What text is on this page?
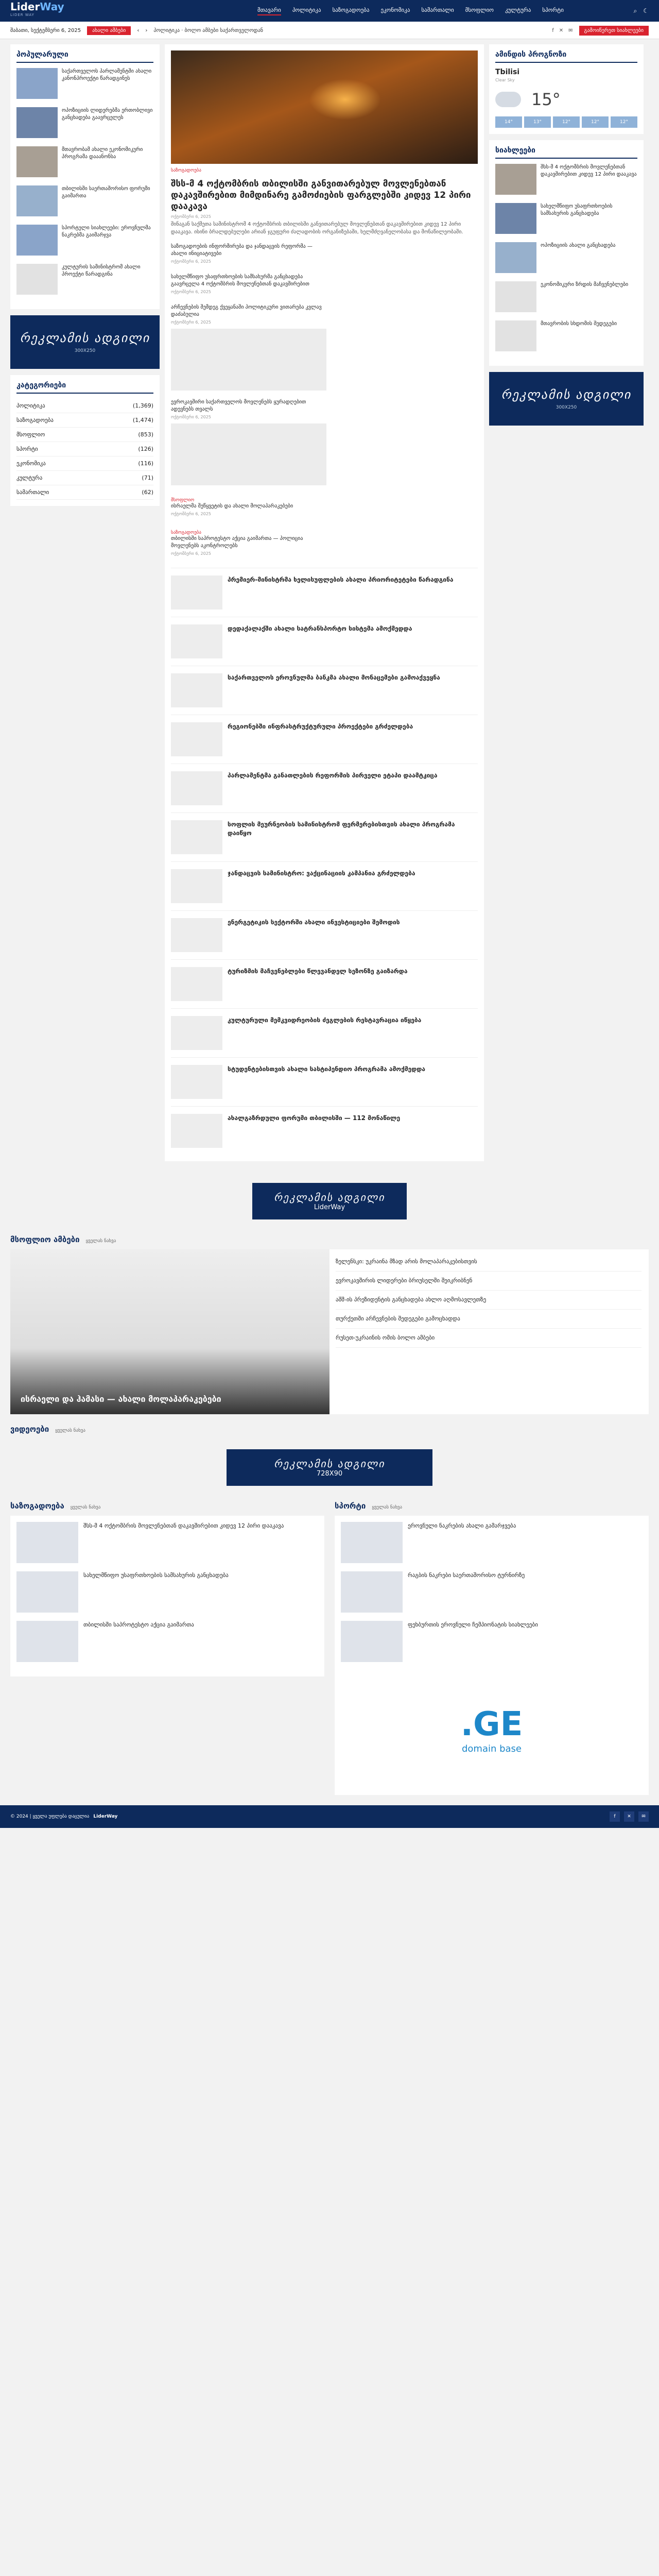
LiderWay
LIDER WAY
მთავარი პოლიტიკა საზოგადოება ეკონომიკა სამართალი მსოფლიო კულტურა სპორტი	⌕ ☾
შაბათი, სექტემბერი 6, 2025	ახალი ამბები	‹ › პოლიტიკა · ბოლო ამბები საქართველოდან	f ✕ ✉	გამოიწერეთ სიახლეები
პოპულარული

საქართველოს პარლამენტში ახალი კანონპროექტი წარადგინეს

ოპოზიციის ლიდერებმა ერთობლივი განცხადება გაავრცელეს

მთავრობამ ახალი ეკონომიკური პროგრამა დააანონსა

თბილისში საერთაშორისო ფორუმი გაიმართა

სპორტული სიახლეები: ეროვნულმა ნაკრებმა გაიმარჯვა

კულტურის სამინისტრომ ახალი პროექტი წარადგინა

რეკლამის ადგილი
300X250
კატეგორიები
პოლიტიკა	(1,369)
საზოგადოება	(1,474)
მსოფლიო	(853)
სპორტი	(126)
ეკონომიკა	(116)
კულტურა	(71)
სამართალი	(62)
საზოგადოება
შსს-მ 4 ოქტომბრის თბილისში განვითარებულ მოვლენებთან დაკავშირებით მიმდინარე გამოძიების ფარგლებში კიდევ 12 პირი დააკავა
ოქტომბერი 6, 2025
შინაგან საქმეთა სამინისტრომ 4 ოქტომბრის თბილისში განვითარებულ მოვლენებთან დაკავშირებით კიდევ 12 პირი დააკავა. ისინი ბრალდებულები არიან ჯგუფური ძალადობის ორგანიზებაში, ხელმძღვანელობასა და მონაწილეობაში.

საზოგადოების ინფორმირება და ჯანდაცვის რეფორმა — ახალი ინიციატივები

ოქტომბერი 6, 2025

სახელმწიფო უსაფრთხოების სამსახურმა განცხადება გაავრცელა 4 ოქტომბრის მოვლენებთან დაკავშირებით

ოქტომბერი 6, 2025

არჩევნების შემდეგ ქვეყანაში პოლიტიკური ვითარება კვლავ დაძაბულია

ოქტომბერი 6, 2025

ევროკავშირი საქართველოს მოვლენებს ყურადღებით ადევნებს თვალს

ოქტომბერი 6, 2025
მსოფლიო

ისრაელმა შეწყვეტის და ახალი მოლაპარაკებები

ოქტომბერი 6, 2025
საზოგადოება

თბილისში საპროტესტო აქცია გაიმართა — პოლიცია მოვლენებს აკონტროლებს

ოქტომბერი 6, 2025
პრემიერ-მინისტრმა ხელისუფლების ახალი პრიორიტეტები წარადგინა
დედაქალაქში ახალი სატრანსპორტო სისტემა ამოქმედდა
საქართველოს ეროვნულმა ბანკმა ახალი მონაცემები გამოაქვეყნა
რეგიონებში ინფრასტრუქტურული პროექტები გრძელდება
პარლამენტმა განათლების რეფორმის პირველი ეტაპი დაამტკიცა
სოფლის მეურნეობის სამინისტრომ ფერმერებისთვის ახალი პროგრამა დაიწყო
ჯანდაცვის სამინისტრო: ვაქცინაციის კამპანია გრძელდება
ენერგეტიკის სექტორში ახალი ინვესტიციები შემოდის
ტურიზმის მაჩვენებლები წლევანდელ სეზონზე გაიზარდა
კულტურული მემკვიდრეობის ძეგლების რესტავრაცია იწყება
სტუდენტებისთვის ახალი სასტიპენდიო პროგრამა ამოქმედდა
ახალგაზრდული ფორუმი თბილისში — 112 მონაწილე
ამინდის პროგნოზი
Tbilisi
Clear Sky
15°
14°	13°	12°	12°	12°
სიახლეები

შსს-მ 4 ოქტომბრის მოვლენებთან დაკავშირებით კიდევ 12 პირი დააკავა

სახელმწიფო უსაფრთხოების სამსახურის განცხადება

ოპოზიციის ახალი განცხადება

ეკონომიკური ზრდის მაჩვენებლები

მთავრობის სხდომის შედეგები

რეკლამის ადგილი
300X250
რეკლამის ადგილი
LiderWay
მსოფლიო ამბები ყველას ნახვა
ისრაელი და ჰამასი — ახალი მოლაპარაკებები
ზელენსკი: უკრაინა მზად არის მოლაპარაკებისთვის
ევროკავშირის ლიდერები ბრიუსელში შეიკრიბნენ
აშშ-ის პრეზიდენტის განცხადება ახლო აღმოსავლეთზე
თურქეთში არჩევნების შედეგები გამოცხადდა
რუსეთ-უკრაინის ომის ბოლო ამბები
ვიდეოები ყველას ნახვა
რეკლამის ადგილი
728X90
საზოგადოება ყველას ნახვა

შსს-მ 4 ოქტომბრის მოვლენებთან დაკავშირებით კიდევ 12 პირი დააკავა

სახელმწიფო უსაფრთხოების სამსახურის განცხადება

თბილისში საპროტესტო აქცია გაიმართა

სპორტი ყველას ნახვა

ეროვნული ნაკრების ახალი გამარჯვება

რაგბის ნაკრები საერთაშორისო ტურნირზე

ფეხბურთის ეროვნული ჩემპიონატის სიახლეები

.GE
domain base
© 2024 | ყველა უფლება დაცულია LiderWay	f	✕	✉
